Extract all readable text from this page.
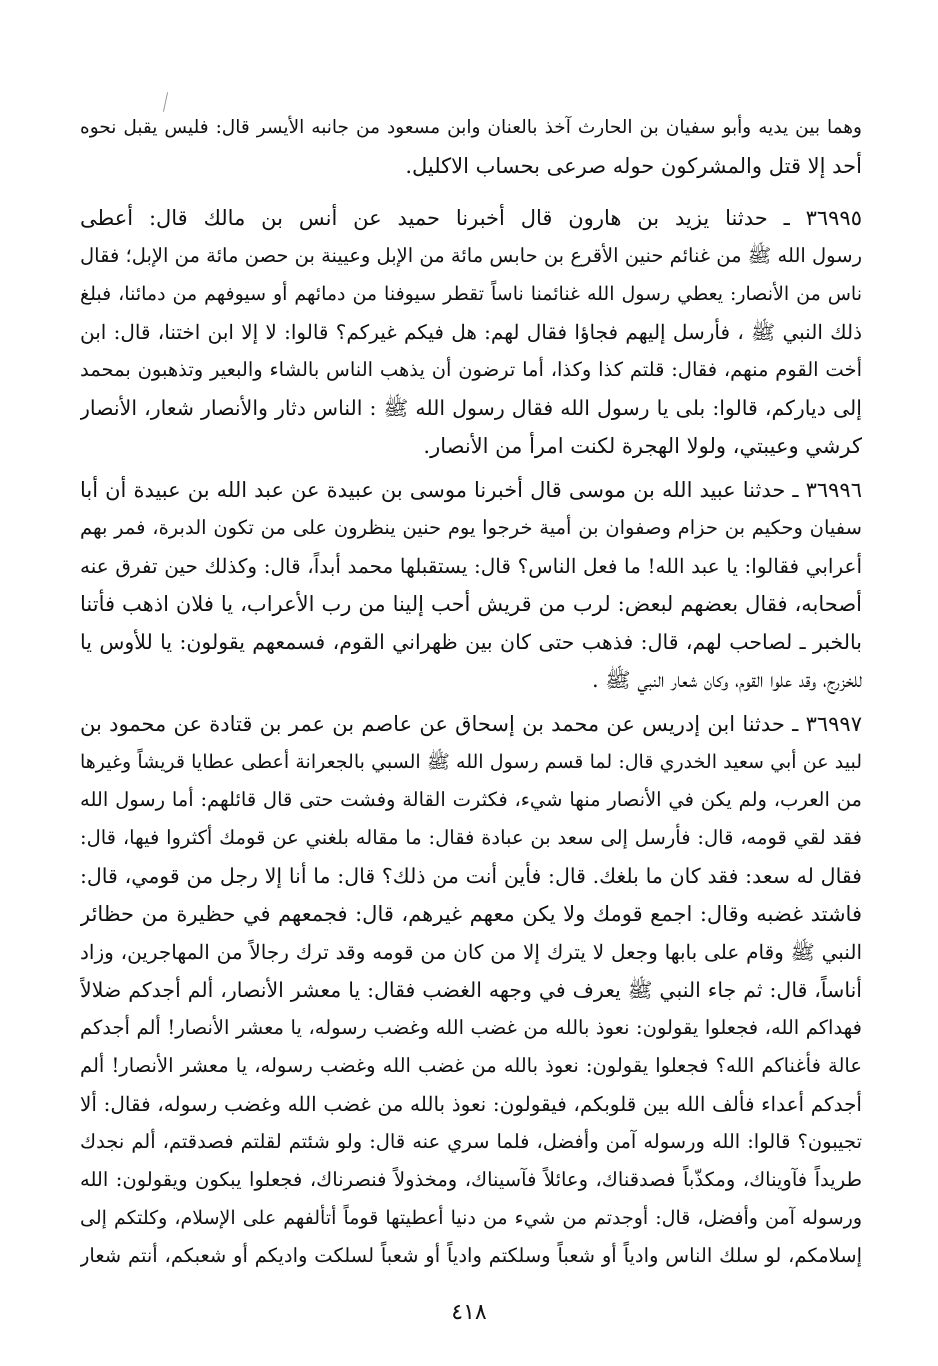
وهما بين يديه وأبو سفيان بن الحارث آخذ بالعنان وابن مسعود من جانبه الأيسر قال: فليس يقبل نحوه
أحد إلا قتل والمشركون حوله صرعى بحساب الاكليل.
٣٦٩٩٥ ـ حدثنا يزيد بن هارون قال أخبرنا حميد عن أنس بن مالك قال: أعطى
رسول الله ﷺ من غنائم حنين الأقرع بن حابس مائة من الإبل وعيينة بن حصن مائة من الإبل؛ فقال
ناس من الأنصار: يعطي رسول الله غنائمنا ناساً تقطر سيوفنا من دمائهم أو سيوفهم من دمائنا، فبلغ
ذلك النبي ﷺ ، فأرسل إليهم فجاؤا فقال لهم: هل فيكم غيركم؟ قالوا: لا إلا ابن اختنا، قال: ابن
أخت القوم منهم، فقال: قلتم كذا وكذا، أما ترضون أن يذهب الناس بالشاء والبعير وتذهبون بمحمد
إلى دياركم، قالوا: بلى يا رسول الله فقال رسول الله ﷺ : الناس دثار والأنصار شعار، الأنصار
كرشي وعيبتي، ولولا الهجرة لكنت امرأ من الأنصار.
٣٦٩٩٦ ـ حدثنا عبيد الله بن موسى قال أخبرنا موسى بن عبيدة عن عبد الله بن عبيدة أن أبا
سفيان وحكيم بن حزام وصفوان بن أمية خرجوا يوم حنين ينظرون على من تكون الدبرة، فمر بهم
أعرابي فقالوا: يا عبد الله! ما فعل الناس؟ قال: يستقبلها محمد أبداً، قال: وكذلك حين تفرق عنه
أصحابه، فقال بعضهم لبعض: لرب من قريش أحب إلينا من رب الأعراب، يا فلان اذهب فأتنا
بالخبر ـ لصاحب لهم، قال: فذهب حتى كان بين ظهراني القوم، فسمعهم يقولون: يا للأوس يا
للخزرج، وقد علوا القوم، وكان شعار النبي ﷺ .
٣٦٩٩٧ ـ حدثنا ابن إدريس عن محمد بن إسحاق عن عاصم بن عمر بن قتادة عن محمود بن
لبيد عن أبي سعيد الخدري قال: لما قسم رسول الله ﷺ السبي بالجعرانة أعطى عطايا قريشاً وغيرها
من العرب، ولم يكن في الأنصار منها شيء، فكثرت القالة وفشت حتى قال قائلهم: أما رسول الله
فقد لقي قومه، قال: فأرسل إلى سعد بن عبادة فقال: ما مقاله بلغني عن قومك أكثروا فيها، قال:
فقال له سعد: فقد كان ما بلغك. قال: فأين أنت من ذلك؟ قال: ما أنا إلا رجل من قومي، قال:
فاشتد غضبه وقال: اجمع قومك ولا يكن معهم غيرهم، قال: فجمعهم في حظيرة من حظائر
النبي ﷺ وقام على بابها وجعل لا يترك إلا من كان من قومه وقد ترك رجالاً من المهاجرين، وزاد
أناساً، قال: ثم جاء النبي ﷺ يعرف في وجهه الغضب فقال: يا معشر الأنصار، ألم أجدكم ضلالاً
فهداكم الله، فجعلوا يقولون: نعوذ بالله من غضب الله وغضب رسوله، يا معشر الأنصار! ألم أجدكم
عالة فأغناكم الله؟ فجعلوا يقولون: نعوذ بالله من غضب الله وغضب رسوله، يا معشر الأنصار! ألم
أجدكم أعداء فألف الله بين قلوبكم، فيقولون: نعوذ بالله من غضب الله وغضب رسوله، فقال: ألا
تجيبون؟ قالوا: الله ورسوله آمن وأفضل، فلما سري عنه قال: ولو شئتم لقلتم فصدقتم، ألم نجدك
طريداً فآويناك، ومكذّباً فصدقناك، وعائلاً فآسيناك، ومخذولاً فنصرناك، فجعلوا يبكون ويقولون: الله
ورسوله آمن وأفضل، قال: أوجدتم من شيء من دنيا أعطيتها قوماً أتألفهم على الإسلام، وكلتكم إلى
إسلامكم، لو سلك الناس وادياً أو شعباً وسلكتم وادياً أو شعباً لسلكت واديكم أو شعبكم، أنتم شعار
٤١٨
